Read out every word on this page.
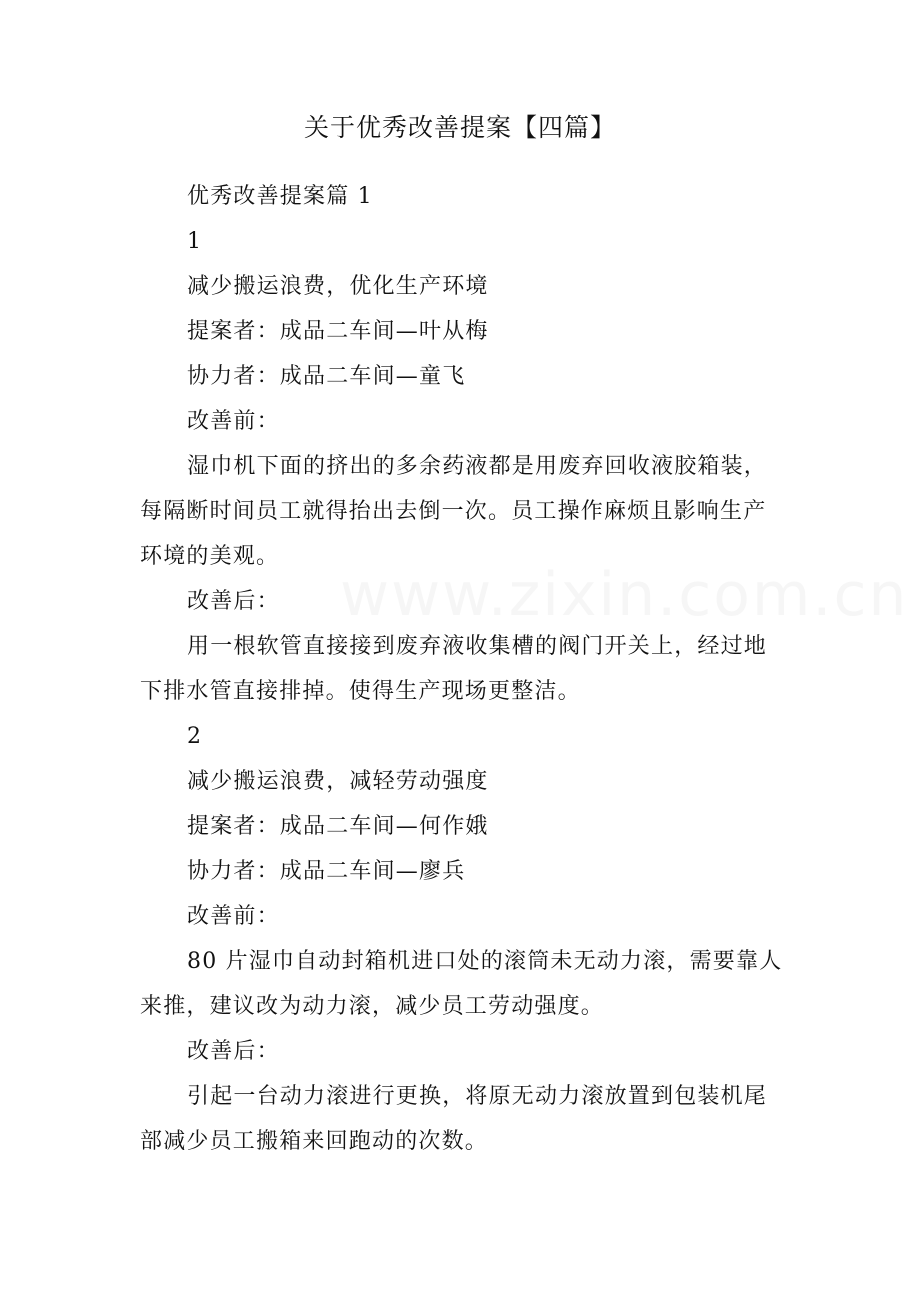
www.zixin.com.cn
关于优秀改善提案【四篇】

优秀改善提案篇 1

1

减少搬运浪费，优化生产环境

提案者：成品二车间—叶从梅

协力者：成品二车间—童飞

改善前：

湿巾机下面的挤出的多余药液都是用废弃回收液胶箱装，每隔断时间员工就得抬出去倒一次。员工操作麻烦且影响生产环境的美观。

改善后：

用一根软管直接接到废弃液收集槽的阀门开关上，经过地下排水管直接排掉。使得生产现场更整洁。

2

减少搬运浪费，减轻劳动强度

提案者：成品二车间—何作娥

协力者：成品二车间—廖兵

改善前：

80 片湿巾自动封箱机进口处的滚筒未无动力滚，需要靠人来推，建议改为动力滚，减少员工劳动强度。

改善后：

引起一台动力滚进行更换，将原无动力滚放置到包装机尾部减少员工搬箱来回跑动的次数。
